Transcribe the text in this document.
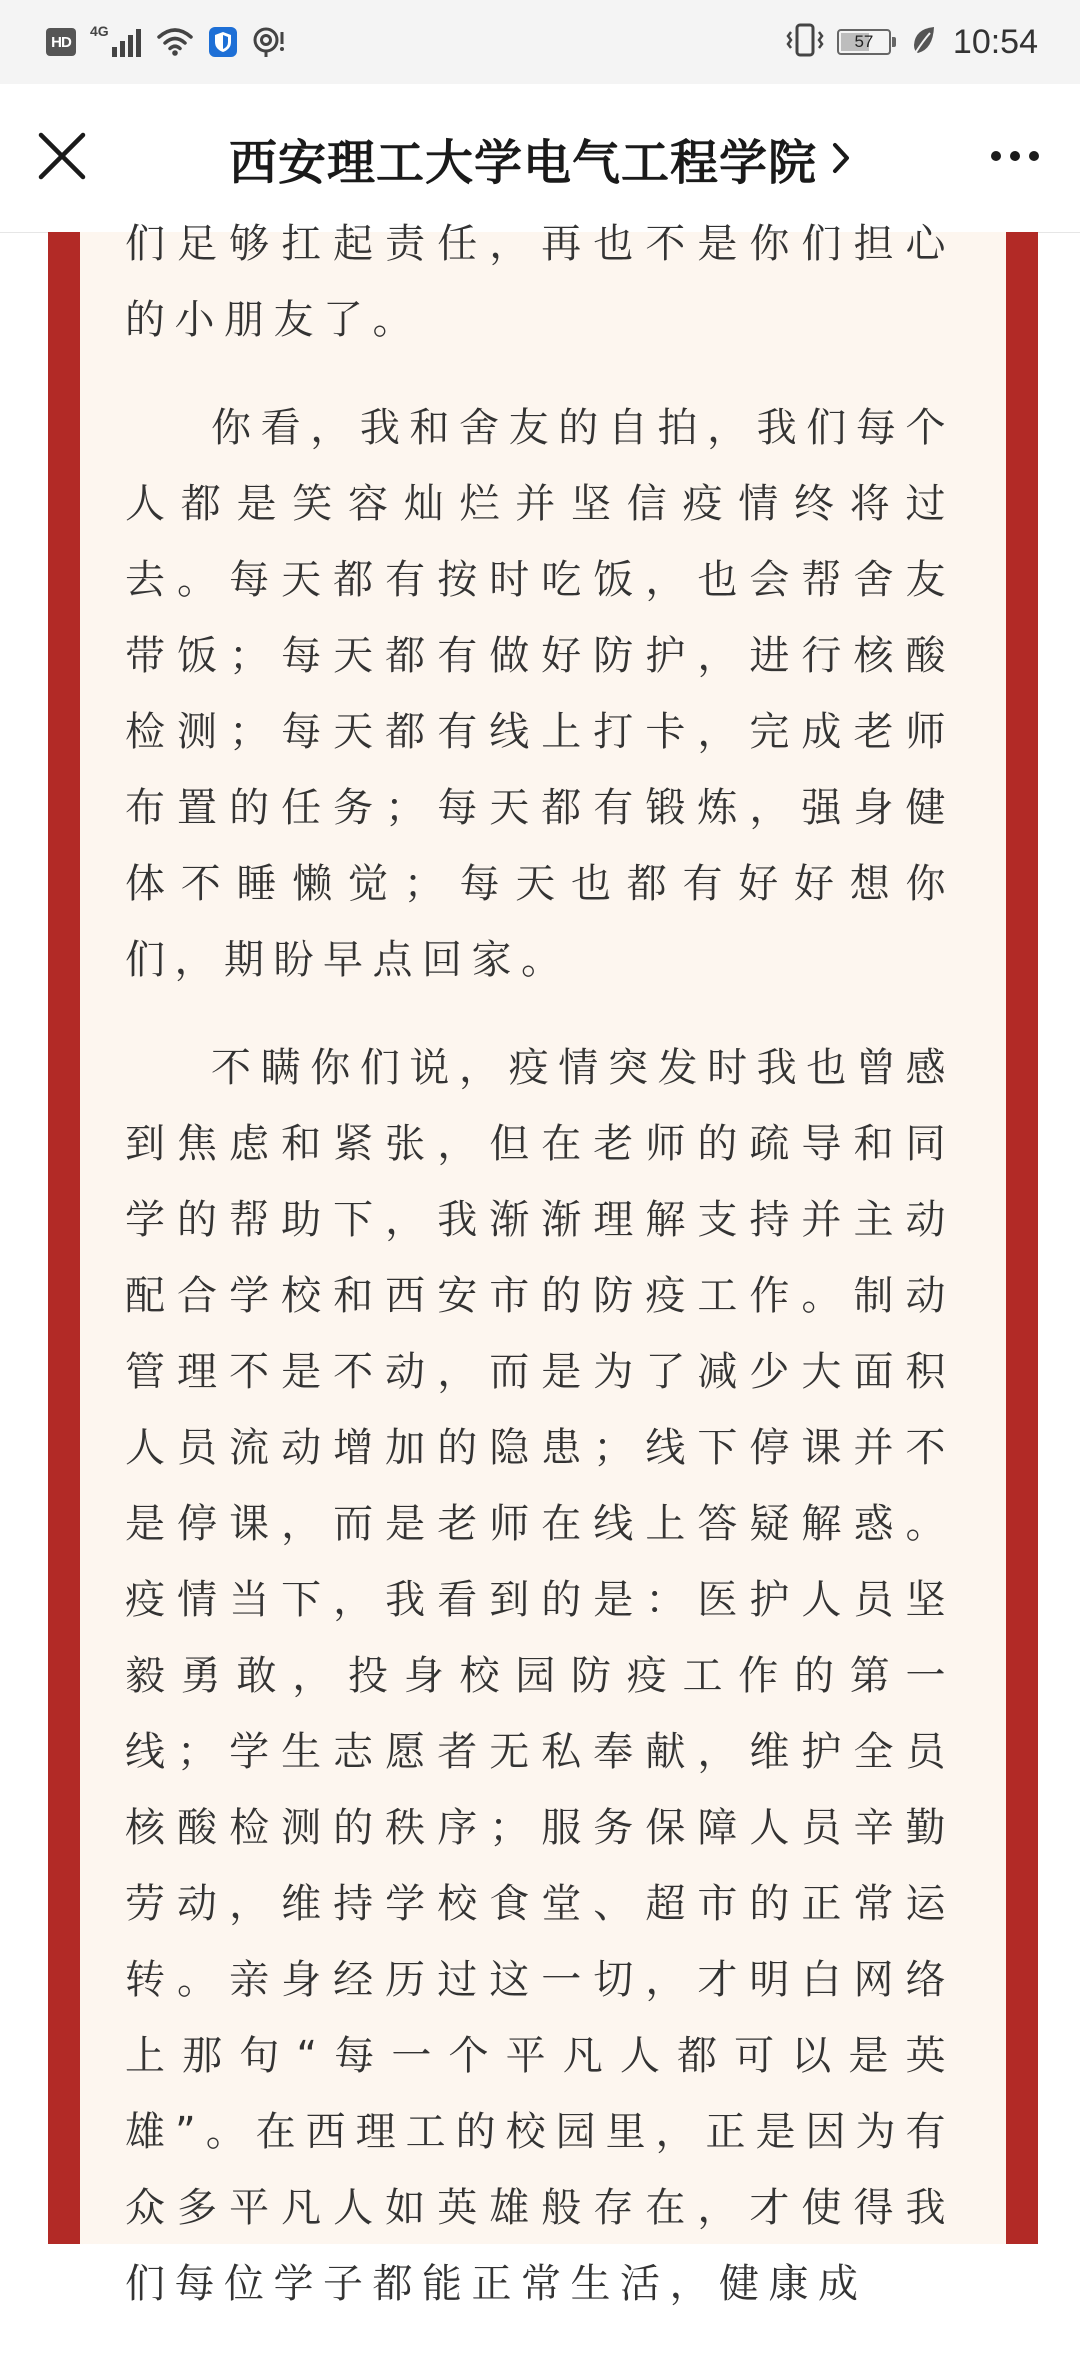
HD
4G
57	10:54
西安理工大学电气工程学院

们足够扛起责任，再也不是你们担心的小朋友了。

你看，我和舍友的自拍，我们每个人都是笑容灿烂并坚信疫情终将过去。每天都有按时吃饭，也会帮舍友带饭；每天都有做好防护，进行核酸检测；每天都有线上打卡，完成老师布置的任务；每天都有锻炼，强身健体不睡懒觉；每天也都有好好想你们，期盼早点回家。

不瞒你们说，疫情突发时我也曾感到焦虑和紧张，但在老师的疏导和同学的帮助下，我渐渐理解支持并主动配合学校和西安市的防疫工作。制动管理不是不动，而是为了减少大面积人员流动增加的隐患；线下停课并不是停课，而是老师在线上答疑解惑。疫情当下，我看到的是：医护人员坚毅勇敢，投身校园防疫工作的第一线；学生志愿者无私奉献，维护全员核酸检测的秩序；服务保障人员辛勤劳动，维持学校食堂、超市的正常运转。亲身经历过这一切，才明白网络上那句“每一个平凡人都可以是英雄”。在西理工的校园里，正是因为有众多平凡人如英雄般存在，才使得我们每位学子都能正常生活，健康成
